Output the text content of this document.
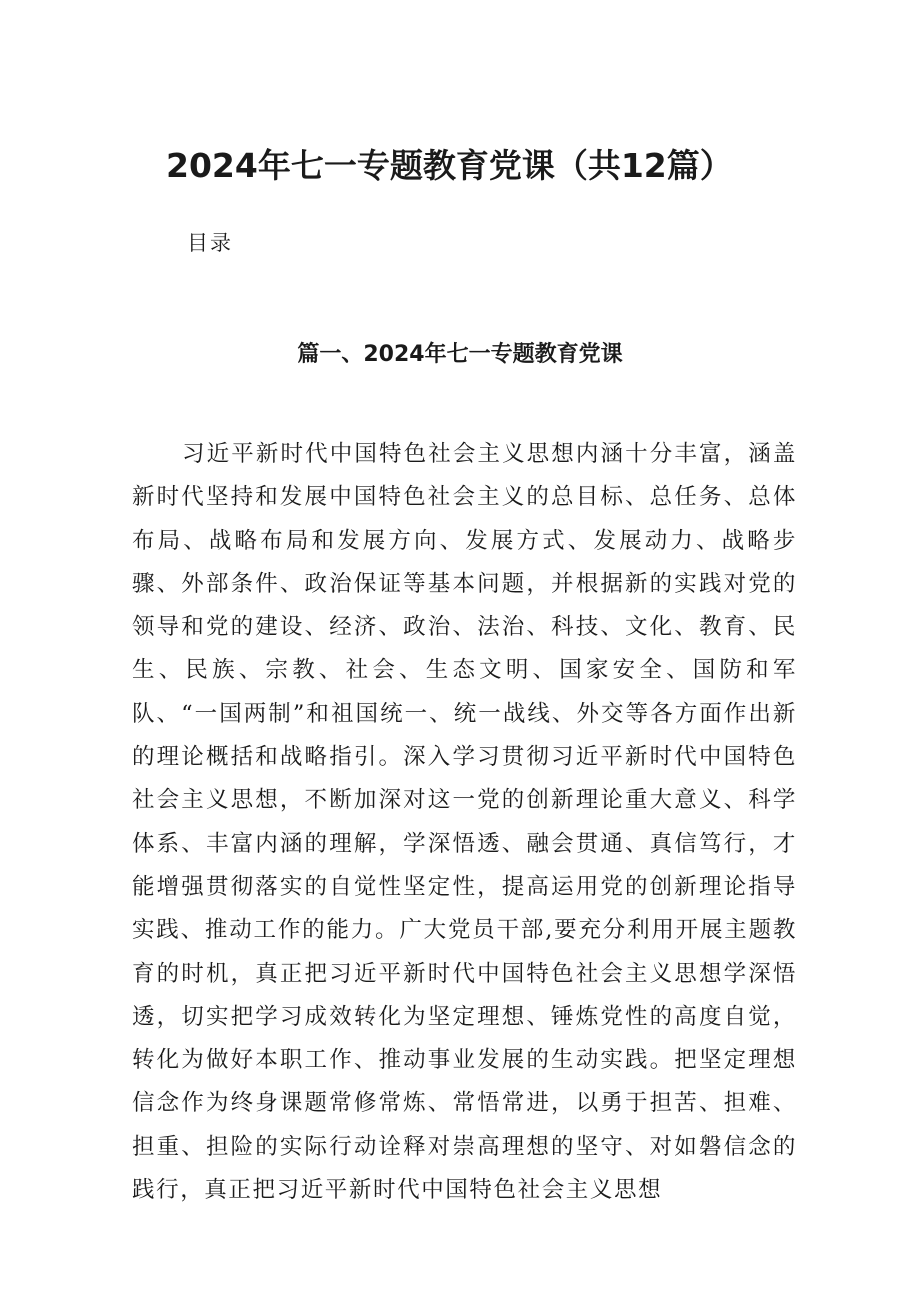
2024年七一专题教育党课（共12篇）
目录
篇一、2024年七一专题教育党课

习近平新时代中国特色社会主义思想内涵十分丰富，涵盖新时代坚持和发展中国特色社会主义的总目标、总任务、总体布局、战略布局和发展方向、发展方式、发展动力、战略步骤、外部条件、政治保证等基本问题，并根据新的实践对党的领导和党的建设、经济、政治、法治、科技、文化、教育、民生、民族、宗教、社会、生态文明、国家安全、国防和军队、“一国两制”和祖国统一、统一战线、外交等各方面作出新的理论概括和战略指引。深入学习贯彻习近平新时代中国特色社会主义思想，不断加深对这一党的创新理论重大意义、科学体系、丰富内涵的理解，学深悟透、融会贯通、真信笃行，才能增强贯彻落实的自觉性坚定性，提高运用党的创新理论指导实践、推动工作的能力。广大党员干部,要充分利用开展主题教育的时机，真正把习近平新时代中国特色社会主义思想学深悟透，切实把学习成效转化为坚定理想、锤炼党性的高度自觉，转化为做好本职工作、推动事业发展的生动实践。把坚定理想信念作为终身课题常修常炼、常悟常进，以勇于担苦、担难、担重、担险的实际行动诠释对崇高理想的坚守、对如磐信念的践行，真正把习近平新时代中国特色社会主义思想
